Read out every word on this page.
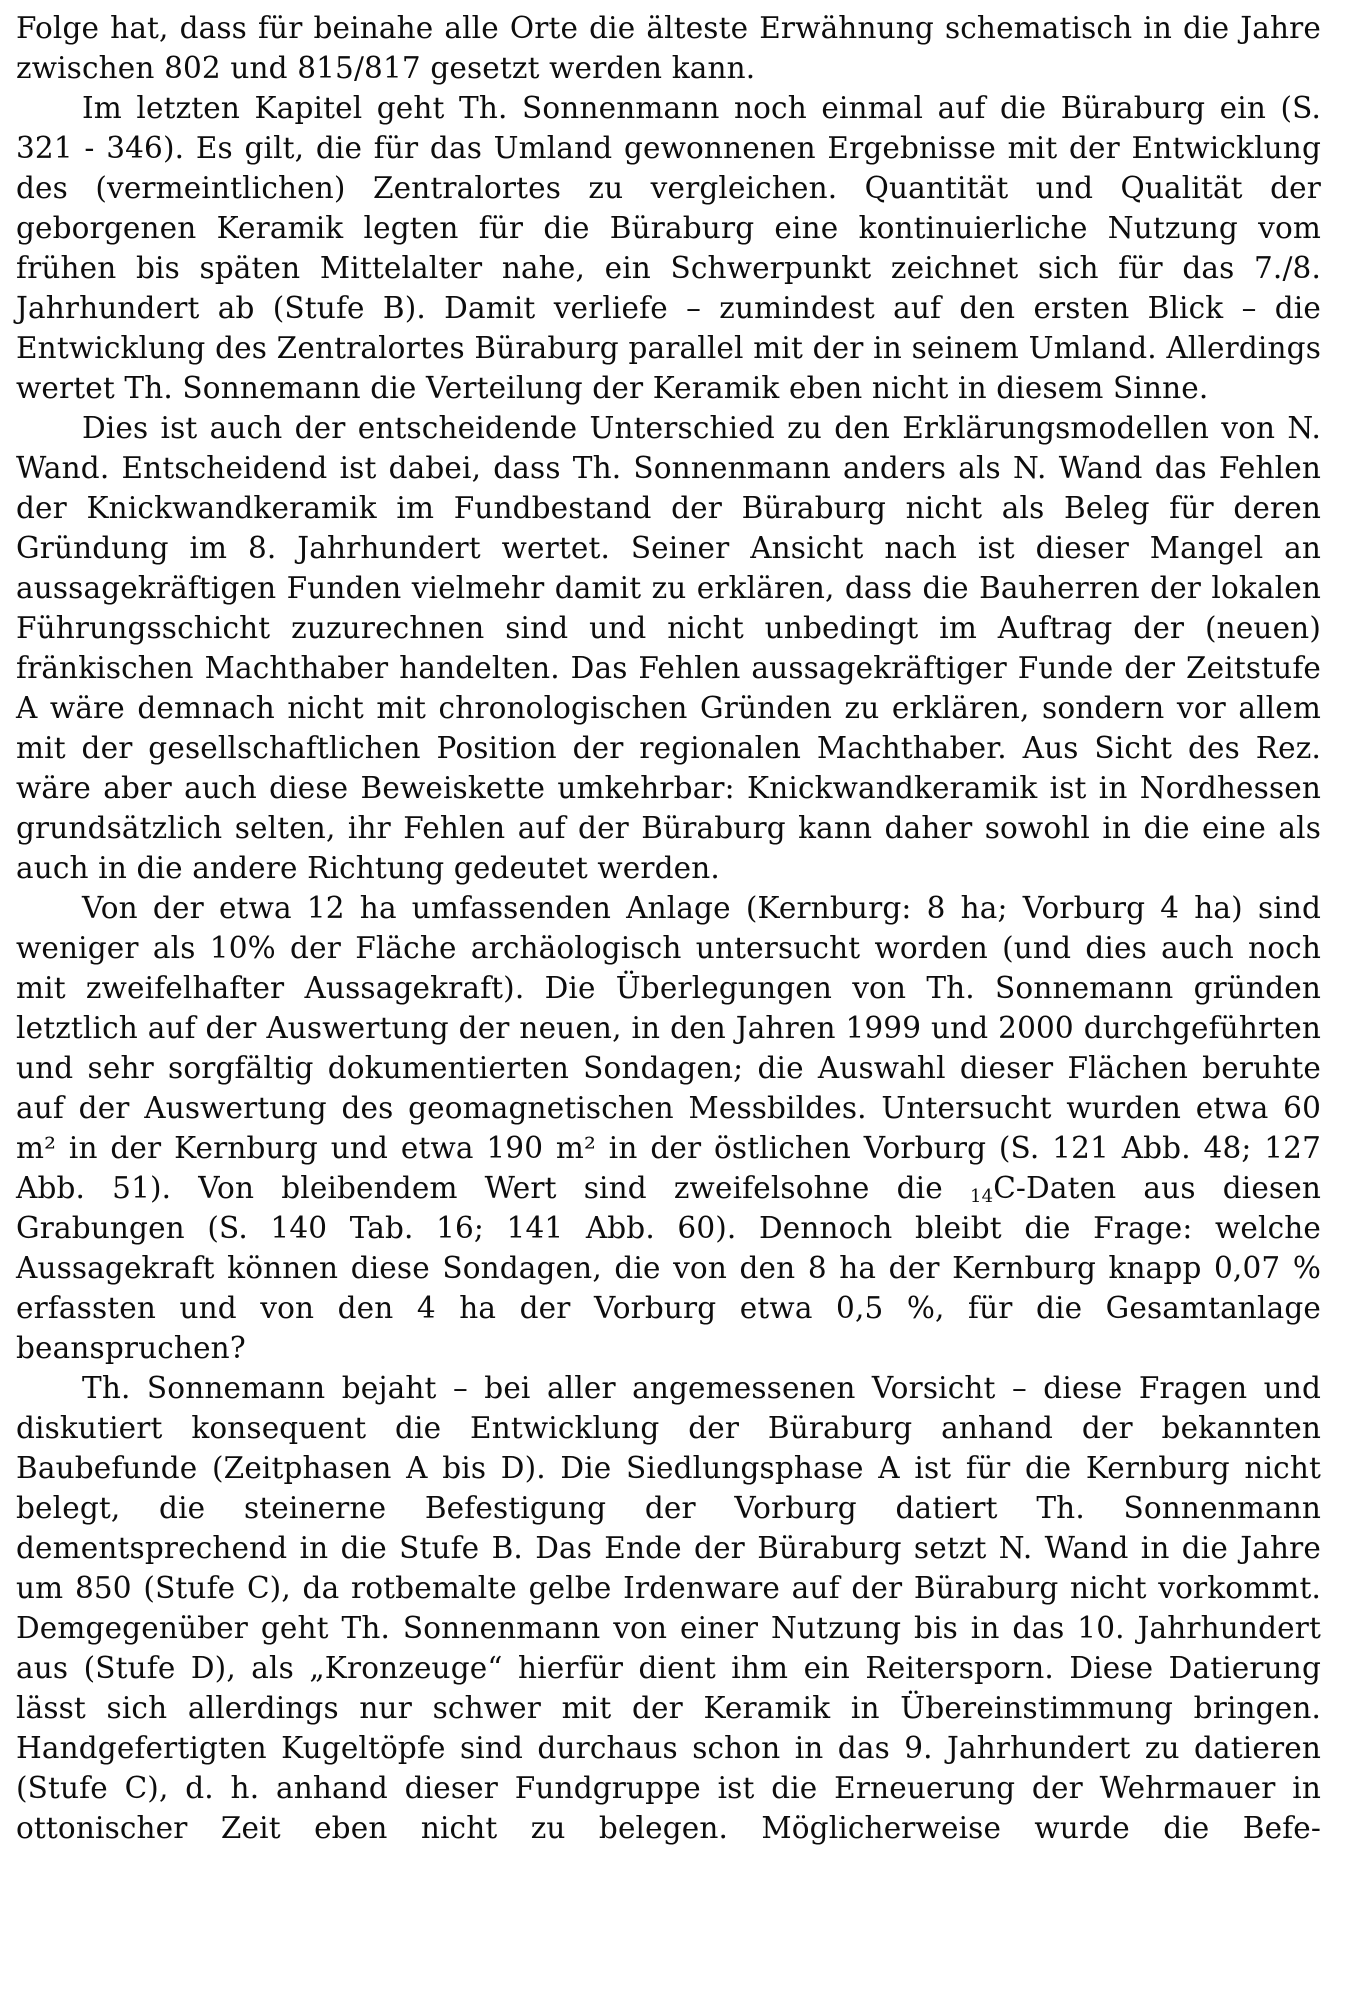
Folge hat, dass für beinahe alle Orte die älteste Erwähnung schematisch in die Jahre zwischen 802 und 815/817 gesetzt werden kann.

Im letzten Kapitel geht Th. Sonnenmann noch einmal auf die Büraburg ein (S. 321 - 346). Es gilt, die für das Umland gewonnenen Ergebnisse mit der Entwicklung des (vermeintlichen) Zentralortes zu vergleichen. Quantität und Qualität der geborgenen Keramik legten für die Büraburg eine kontinuierliche Nutzung vom frühen bis späten Mittelalter nahe, ein Schwerpunkt zeichnet sich für das 7./8. Jahrhundert ab (Stufe B). Damit verliefe – zumindest auf den ersten Blick – die Entwicklung des Zentralortes Büraburg parallel mit der in seinem Umland. Allerdings wertet Th. Sonnemann die Verteilung der Keramik eben nicht in diesem Sinne.

Dies ist auch der entscheidende Unterschied zu den Erklärungsmodellen von N. Wand. Entscheidend ist dabei, dass Th. Sonnenmann anders als N. Wand das Fehlen der Knickwandkeramik im Fundbestand der Büraburg nicht als Beleg für deren Gründung im 8. Jahrhundert wertet. Seiner Ansicht nach ist dieser Mangel an aussagekräftigen Funden vielmehr damit zu erklären, dass die Bauherren der lokalen Führungsschicht zuzurechnen sind und nicht unbedingt im Auftrag der (neuen) fränkischen Machthaber handelten. Das Fehlen aussagekräftiger Funde der Zeitstufe A wäre demnach nicht mit chronologischen Gründen zu erklären, sondern vor allem mit der gesellschaftlichen Position der regionalen Machthaber. Aus Sicht des Rez. wäre aber auch diese Beweiskette umkehrbar: Knickwandkeramik ist in Nordhessen grundsätzlich selten, ihr Fehlen auf der Büraburg kann daher sowohl in die eine als auch in die andere Richtung gedeutet werden.

Von der etwa 12 ha umfassenden Anlage (Kernburg: 8 ha; Vorburg 4 ha) sind weniger als 10% der Fläche archäologisch untersucht worden (und dies auch noch mit zweifelhafter Aussagekraft). Die Überlegungen von Th. Sonnemann gründen letztlich auf der Auswertung der neuen, in den Jahren 1999 und 2000 durchgeführten und sehr sorgfältig dokumentierten Sondagen; die Auswahl dieser Flächen beruhte auf der Auswertung des geomagnetischen Messbildes. Untersucht wurden etwa 60 m² in der Kernburg und etwa 190 m² in der östlichen Vorburg (S. 121 Abb. 48; 127 Abb. 51). Von bleibendem Wert sind zweifelsohne die $_{14}$C-Daten aus diesen Grabungen (S. 140 Tab. 16; 141 Abb. 60). Dennoch bleibt die Frage: welche Aussagekraft können diese Sondagen, die von den 8 ha der Kernburg knapp 0,07 % erfassten und von den 4 ha der Vorburg etwa 0,5 %, für die Gesamtanlage beanspruchen?

Th. Sonnemann bejaht – bei aller angemessenen Vorsicht – diese Fragen und diskutiert konsequent die Entwicklung der Büraburg anhand der bekannten Baubefunde (Zeitphasen A bis D). Die Siedlungsphase A ist für die Kernburg nicht belegt, die steinerne Befestigung der Vorburg datiert Th. Sonnenmann dementsprechend in die Stufe B. Das Ende der Büraburg setzt N. Wand in die Jahre um 850 (Stufe C), da rotbemalte gelbe Irdenware auf der Büraburg nicht vorkommt. Demgegenüber geht Th. Sonnenmann von einer Nutzung bis in das 10. Jahrhundert aus (Stufe D), als „Kronzeuge“ hierfür dient ihm ein Reitersporn. Diese Datierung lässt sich allerdings nur schwer mit der Keramik in Übereinstimmung bringen. Handgefertigten Kugeltöpfe sind durchaus schon in das 9. Jahrhundert zu datieren (Stufe C), d. h. anhand dieser Fundgruppe ist die Erneuerung der Wehrmauer in ottonischer Zeit eben nicht zu belegen. Möglicherweise wurde die Befe-
